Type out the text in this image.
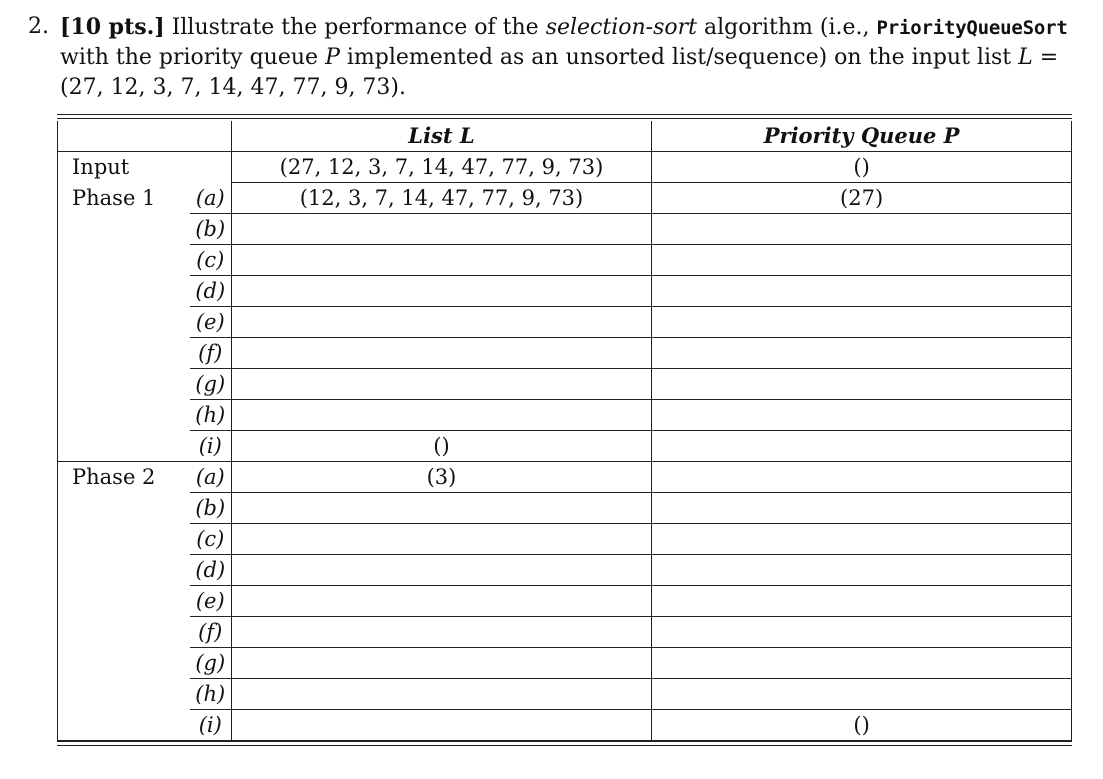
2. [10 pts.] Illustrate the performance of the selection-sort algorithm (i.e., PriorityQueueSort with the priority queue P implemented as an unsorted list/sequence) on the input list L = (27, 12, 3, 7, 14, 47, 77, 9, 73).
		List L	Priority Queue P
Input		(27, 12, 3, 7, 14, 47, 77, 9, 73)	()
Phase 1	(a)	(12, 3, 7, 14, 47, 77, 9, 73)	(27)
	(b)		
	(c)		
	(d)		
	(e)		
	(f)		
	(g)		
	(h)		
	(i)	()	
Phase 2	(a)	(3)	
	(b)		
	(c)		
	(d)		
	(e)		
	(f)		
	(g)		
	(h)		
	(i)		()
